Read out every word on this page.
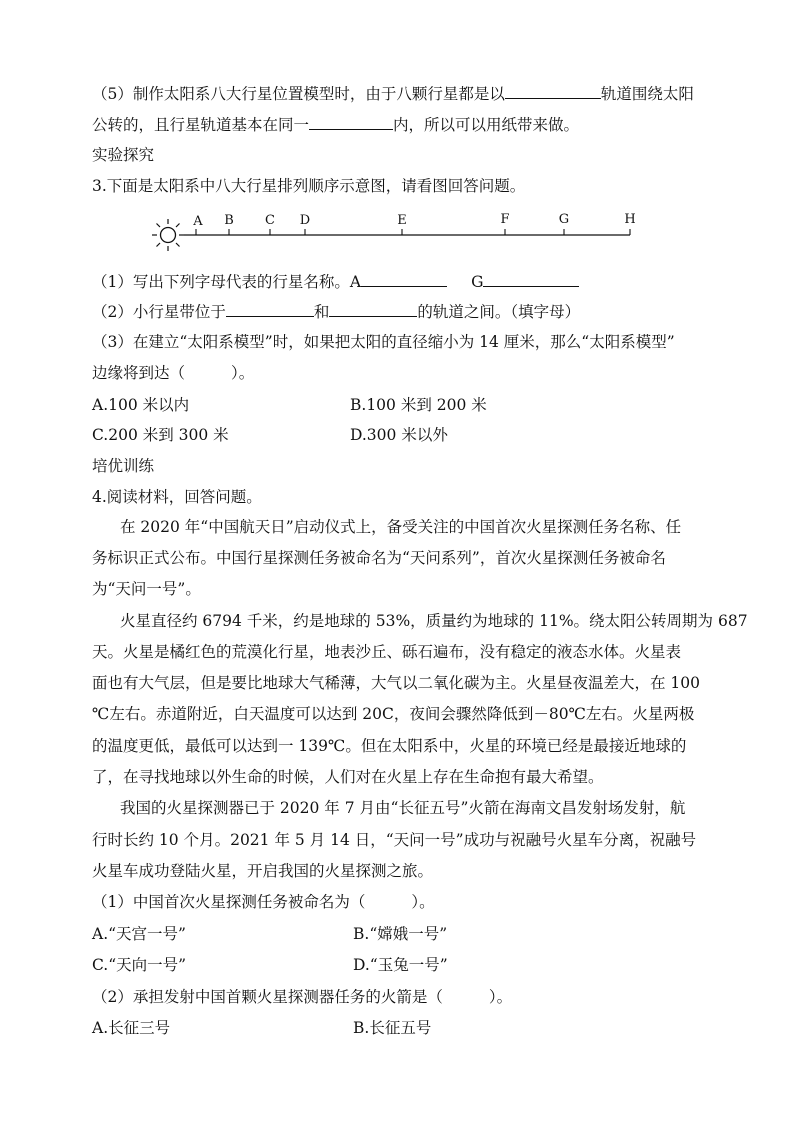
（5）制作太阳系八大行星位置模型时，由于八颗行星都是以	轨道围绕太阳
公转的，且行星轨道基本在同一	内，所以可以用纸带来做。
实验探究
3.下面是太阳系中八大行星排列顺序示意图，请看图回答问题。
A B C D	E	F	G	H
（1）写出下列字母代表的行星名称。A	G
（2）小行星带位于	和	的轨道之间。（填字母）
（3）在建立“太阳系模型”时，如果把太阳的直径缩小为 14 厘米，那么“太阳系模型”
边缘将到达（	）。
A.100 米以内	B.100 米到 200 米
C.200 米到 300 米	D.300 米以外
培优训练
4.阅读材料，回答问题。
在 2020 年“中国航天日”启动仪式上，备受关注的中国首次火星探测任务名称、任
务标识正式公布。中国行星探测任务被命名为“天问系列”，首次火星探测任务被命名
为“天问一号”。
火星直径约 6794 千米，约是地球的 53%，质量约为地球的 11%。绕太阳公转周期为 687
天。火星是橘红色的荒漠化行星，地表沙丘、砾石遍布，没有稳定的液态水体。火星表
面也有大气层，但是要比地球大气稀薄，大气以二氧化碳为主。火星昼夜温差大，在 100
℃左右。赤道附近，白天温度可以达到 20C，夜间会骤然降低到－80℃左右。火星两极
的温度更低，最低可以达到一 139℃。但在太阳系中，火星的环境已经是最接近地球的
了，在寻找地球以外生命的时候，人们对在火星上存在生命抱有最大希望。
我国的火星探测器已于 2020 年 7 月由“长征五号”火箭在海南文昌发射场发射，航
行时长约 10 个月。2021 年 5 月 14 日，“天问一号”成功与祝融号火星车分离，祝融号
火星车成功登陆火星，开启我国的火星探测之旅。
（1）中国首次火星探测任务被命名为（	）。
A.“天宫一号”	B.“嫦娥一号”
C.“天向一号”	D.“玉兔一号”
（2）承担发射中国首颗火星探测器任务的火箭是（	）。
A.长征三号	B.长征五号
